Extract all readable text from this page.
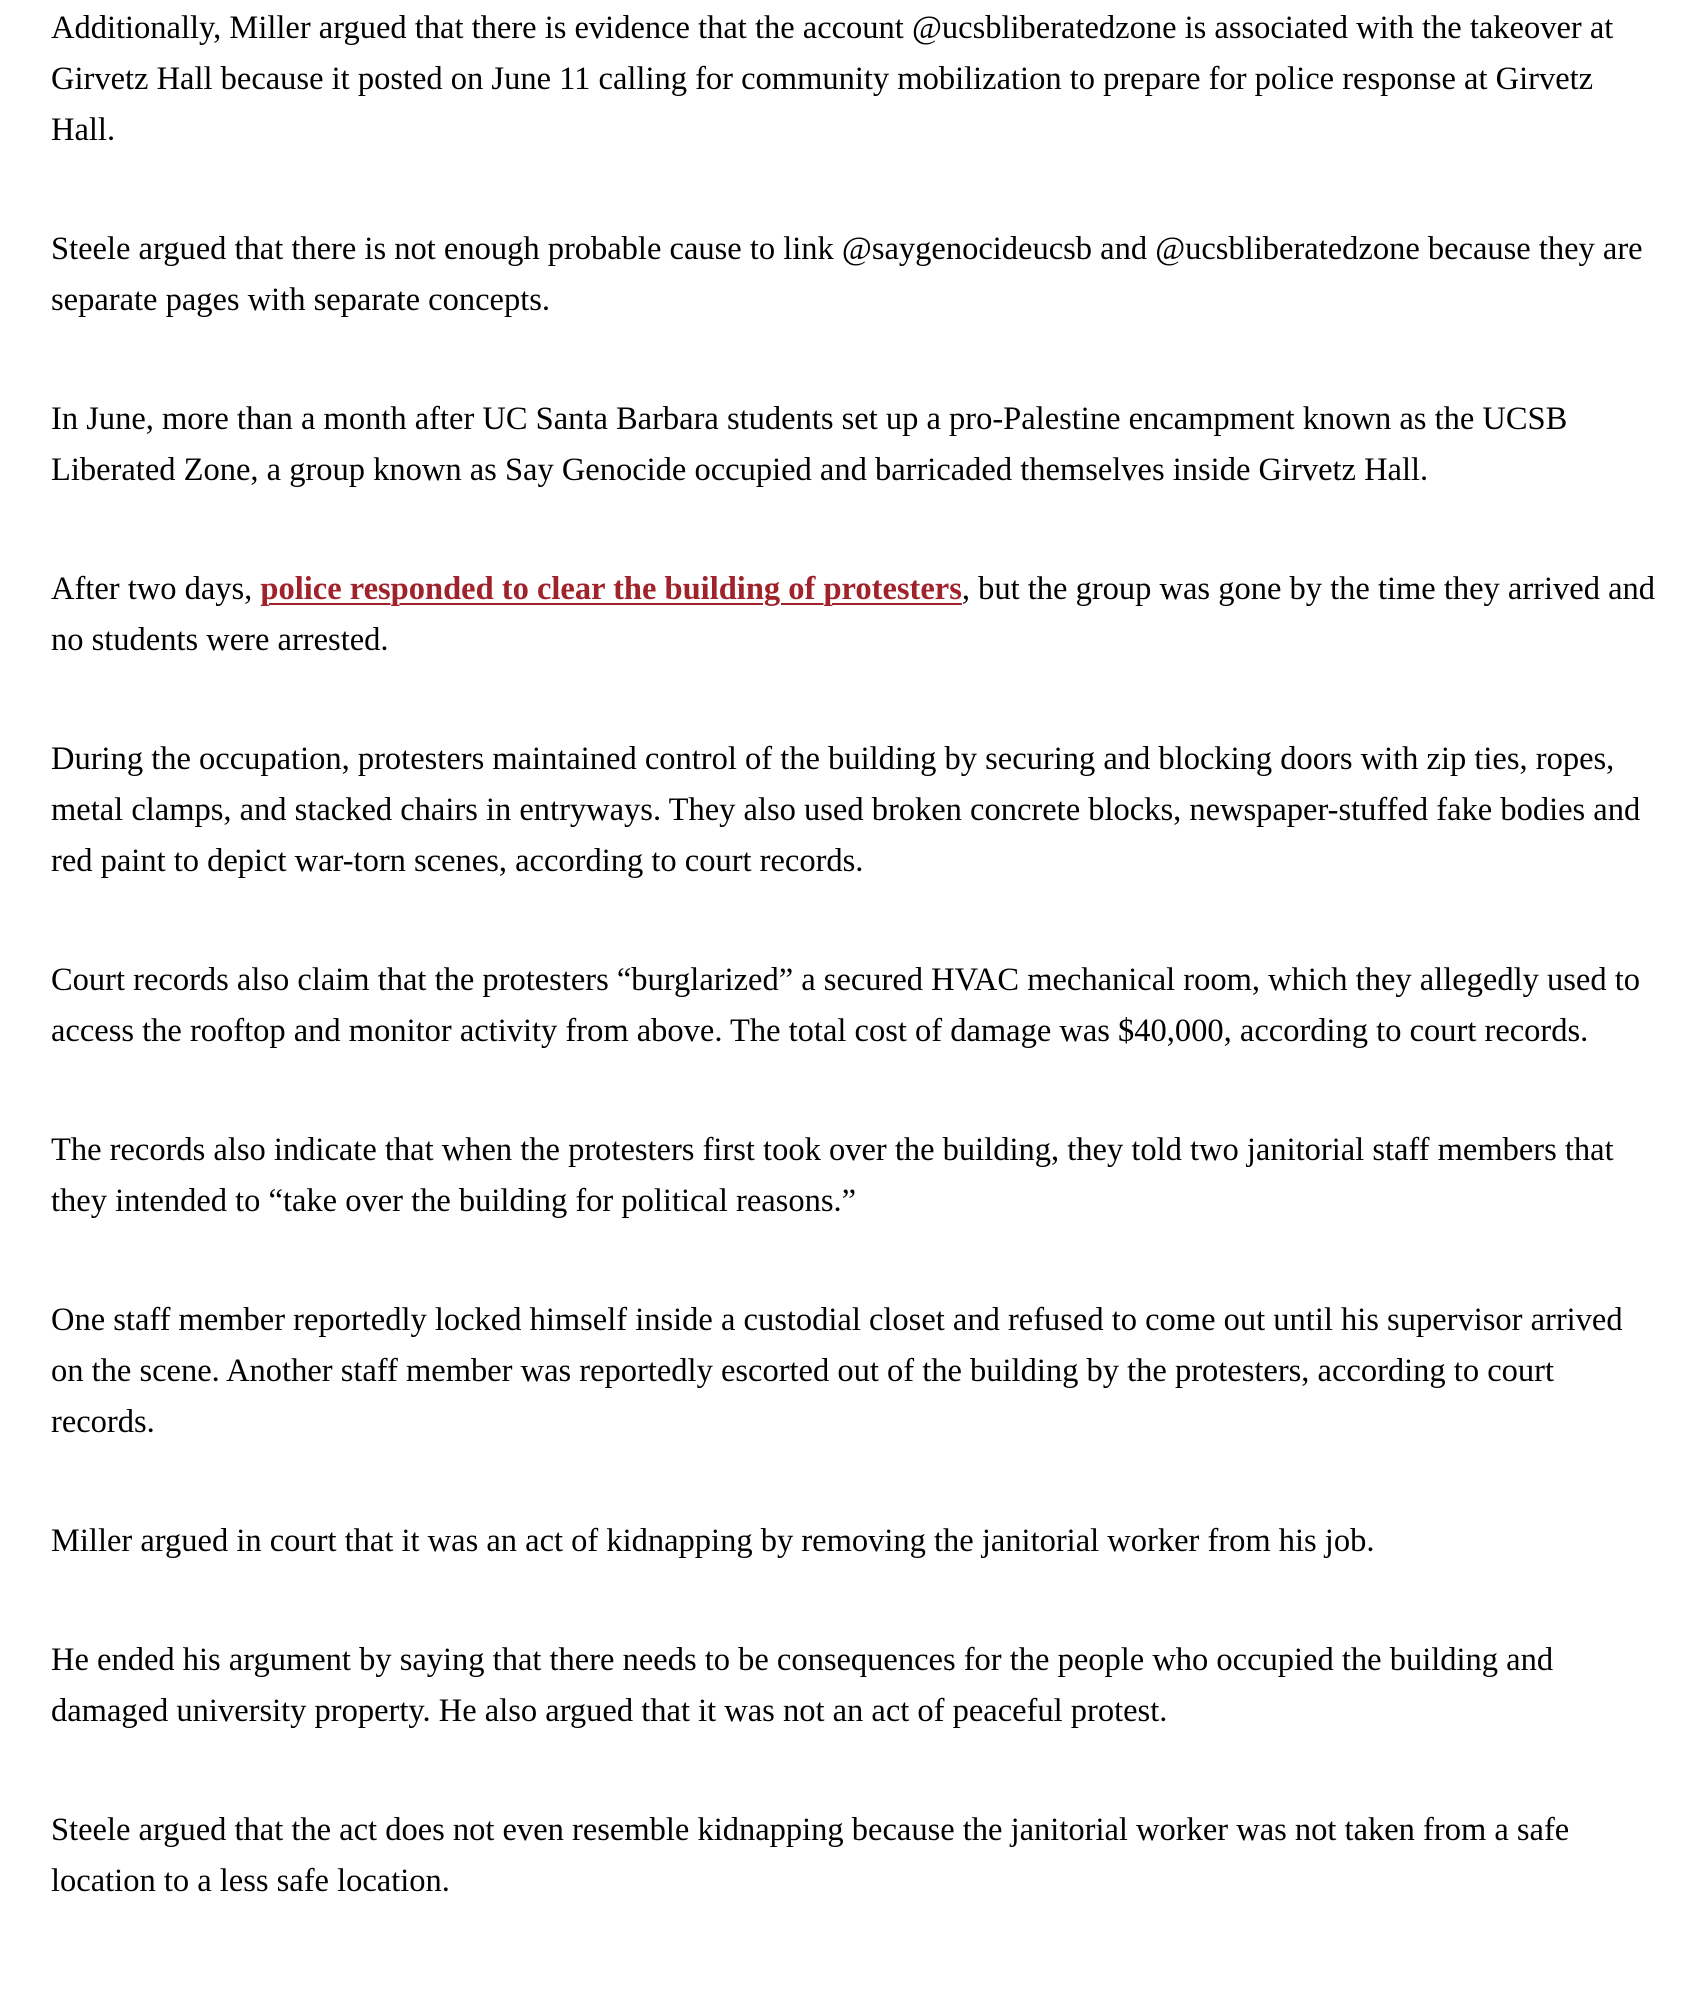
Additionally, Miller argued that there is evidence that the account @ucsbliberatedzone is associated with the takeover at Girvetz Hall because it posted on June 11 calling for community mobilization to prepare for police response at Girvetz Hall.

Steele argued that there is not enough probable cause to link @saygenocideucsb and @ucsbliberatedzone because they are separate pages with separate concepts.

In June, more than a month after UC Santa Barbara students set up a pro-Palestine encampment known as the UCSB Liberated Zone, a group known as Say Genocide occupied and barricaded themselves inside Girvetz Hall.

After two days, police responded to clear the building of protesters, but the group was gone by the time they arrived and no students were arrested.

During the occupation, protesters maintained control of the building by securing and blocking doors with zip ties, ropes, metal clamps, and stacked chairs in entryways. They also used broken concrete blocks, newspaper-stuffed fake bodies and red paint to depict war-torn scenes, according to court records.

Court records also claim that the protesters “burglarized” a secured HVAC mechanical room, which they allegedly used to access the rooftop and monitor activity from above. The total cost of damage was $40,000, according to court records.

The records also indicate that when the protesters first took over the building, they told two janitorial staff members that they intended to “take over the building for political reasons.”

One staff member reportedly locked himself inside a custodial closet and refused to come out until his supervisor arrived on the scene. Another staff member was reportedly escorted out of the building by the protesters, according to court records.

Miller argued in court that it was an act of kidnapping by removing the janitorial worker from his job.

He ended his argument by saying that there needs to be consequences for the people who occupied the building and damaged university property. He also argued that it was not an act of peaceful protest.

Steele argued that the act does not even resemble kidnapping because the janitorial worker was not taken from a safe location to a less safe location.
